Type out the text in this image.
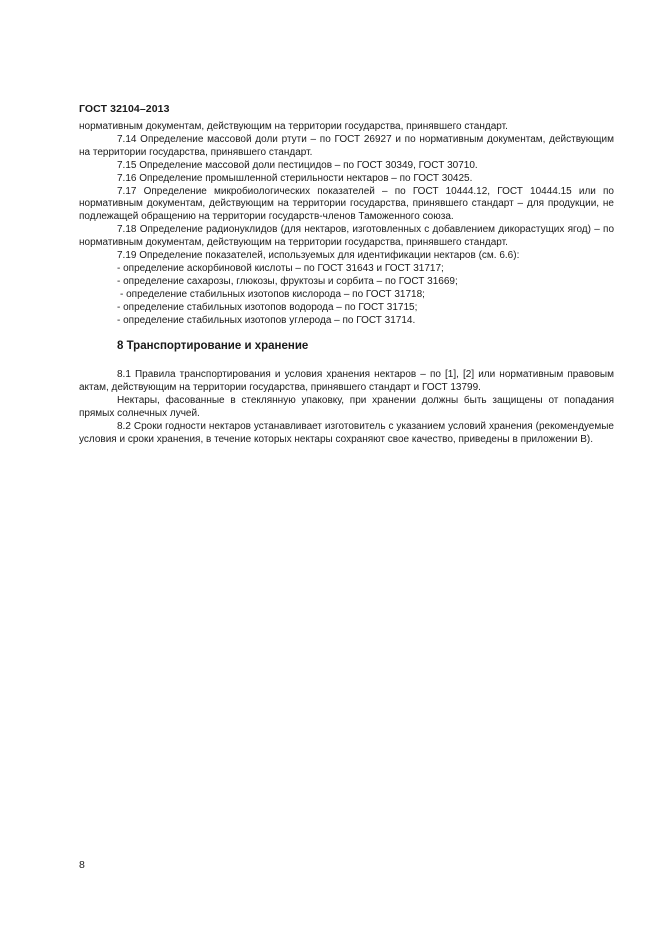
ГОСТ 32104–2013

нормативным документам, действующим на территории государства, принявшего стандарт.

7.14 Определение массовой доли ртути – по ГОСТ 26927 и по нормативным документам, действующим на территории государства, принявшего стандарт.

7.15 Определение массовой доли пестицидов – по ГОСТ 30349, ГОСТ 30710.

7.16 Определение промышленной стерильности нектаров – по ГОСТ 30425.

7.17 Определение микробиологических показателей – по ГОСТ 10444.12, ГОСТ 10444.15 или по нормативным документам, действующим на территории государства, принявшего стандарт – для продукции, не подлежащей обращению на территории государств-членов Таможенного союза.

7.18 Определение радионуклидов (для нектаров, изготовленных с добавлением дикорастущих ягод) – по нормативным документам, действующим на территории государства, принявшего стандарт.

7.19 Определение показателей, используемых для идентификации нектаров (см. 6.6):

- определение аскорбиновой кислоты – по ГОСТ 31643 и ГОСТ 31717;

- определение сахарозы, глюкозы, фруктозы и сорбита – по ГОСТ 31669;

- определение стабильных изотопов кислорода – по ГОСТ 31718;

- определение стабильных изотопов водорода – по ГОСТ 31715;

- определение стабильных изотопов углерода – по ГОСТ 31714.

8 Транспортирование и хранение

8.1 Правила транспортирования и условия хранения нектаров – по [1], [2] или нормативным правовым актам, действующим на территории государства, принявшего стандарт и ГОСТ 13799.

Нектары, фасованные в стеклянную упаковку, при хранении должны быть защищены от попадания прямых солнечных лучей.

8.2 Сроки годности нектаров устанавливает изготовитель с указанием условий хранения (рекомендуемые условия и сроки хранения, в течение которых нектары сохраняют свое качество, приведены в приложении В).

8
